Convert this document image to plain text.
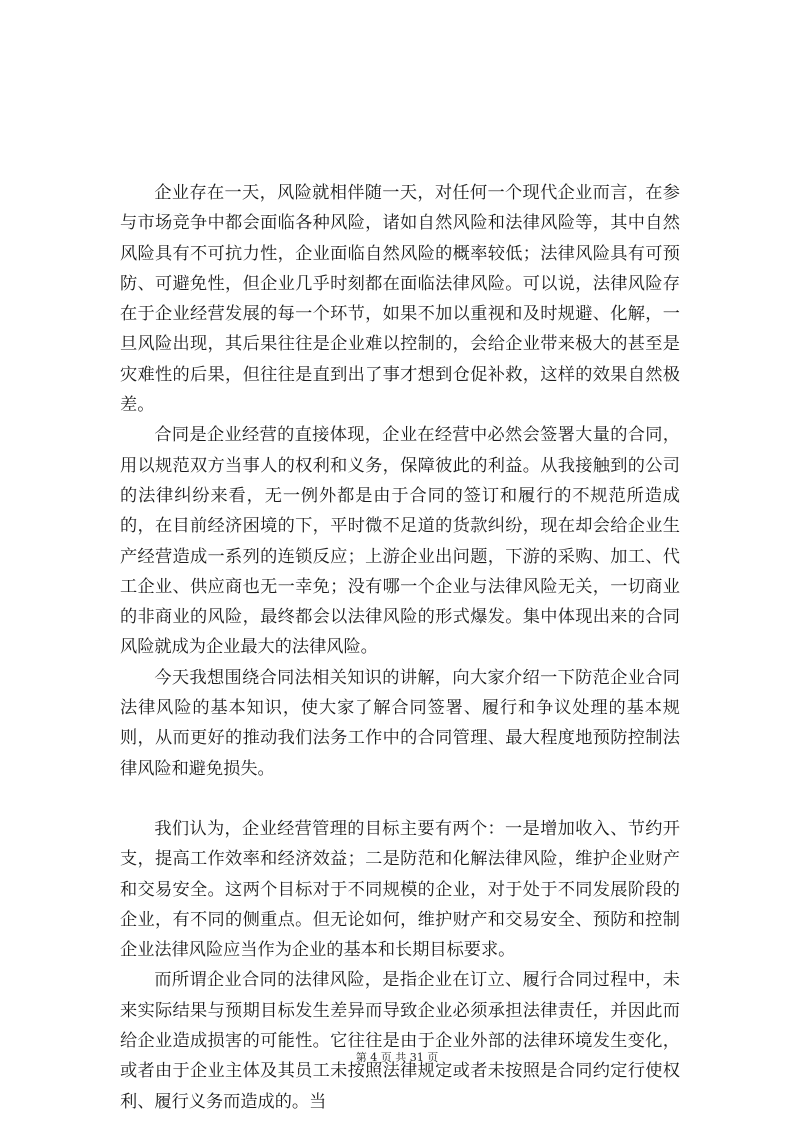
企业存在一天，风险就相伴随一天，对任何一个现代企业而言，在参与市场竞争中都会面临各种风险，诸如自然风险和法律风险等，其中自然风险具有不可抗力性，企业面临自然风险的概率较低；法律风险具有可预防、可避免性，但企业几乎时刻都在面临法律风险。可以说，法律风险存在于企业经营发展的每一个环节，如果不加以重视和及时规避、化解，一旦风险出现，其后果往往是企业难以控制的，会给企业带来极大的甚至是灾难性的后果，但往往是直到出了事才想到仓促补救，这样的效果自然极差。

合同是企业经营的直接体现，企业在经营中必然会签署大量的合同，用以规范双方当事人的权利和义务，保障彼此的利益。从我接触到的公司的法律纠纷来看，无一例外都是由于合同的签订和履行的不规范所造成的，在目前经济困境的下，平时微不足道的货款纠纷，现在却会给企业生产经营造成一系列的连锁反应；上游企业出问题，下游的采购、加工、代工企业、供应商也无一幸免；没有哪一个企业与法律风险无关，一切商业的非商业的风险，最终都会以法律风险的形式爆发。集中体现出来的合同风险就成为企业最大的法律风险。

今天我想围绕合同法相关知识的讲解，向大家介绍一下防范企业合同法律风险的基本知识，使大家了解合同签署、履行和争议处理的基本规则，从而更好的推动我们法务工作中的合同管理、最大程度地预防控制法律风险和避免损失。

我们认为，企业经营管理的目标主要有两个：一是增加收入、节约开支，提高工作效率和经济效益；二是防范和化解法律风险，维护企业财产和交易安全。这两个目标对于不同规模的企业，对于处于不同发展阶段的企业，有不同的侧重点。但无论如何，维护财产和交易安全、预防和控制企业法律风险应当作为企业的基本和长期目标要求。

而所谓企业合同的法律风险，是指企业在订立、履行合同过程中，未来实际结果与预期目标发生差异而导致企业必须承担法律责任，并因此而给企业造成损害的可能性。它往往是由于企业外部的法律环境发生变化，或者由于企业主体及其员工未按照法律规定或者未按照是合同约定行使权利、履行义务而造成的。当

第 4 页 共 31 页
